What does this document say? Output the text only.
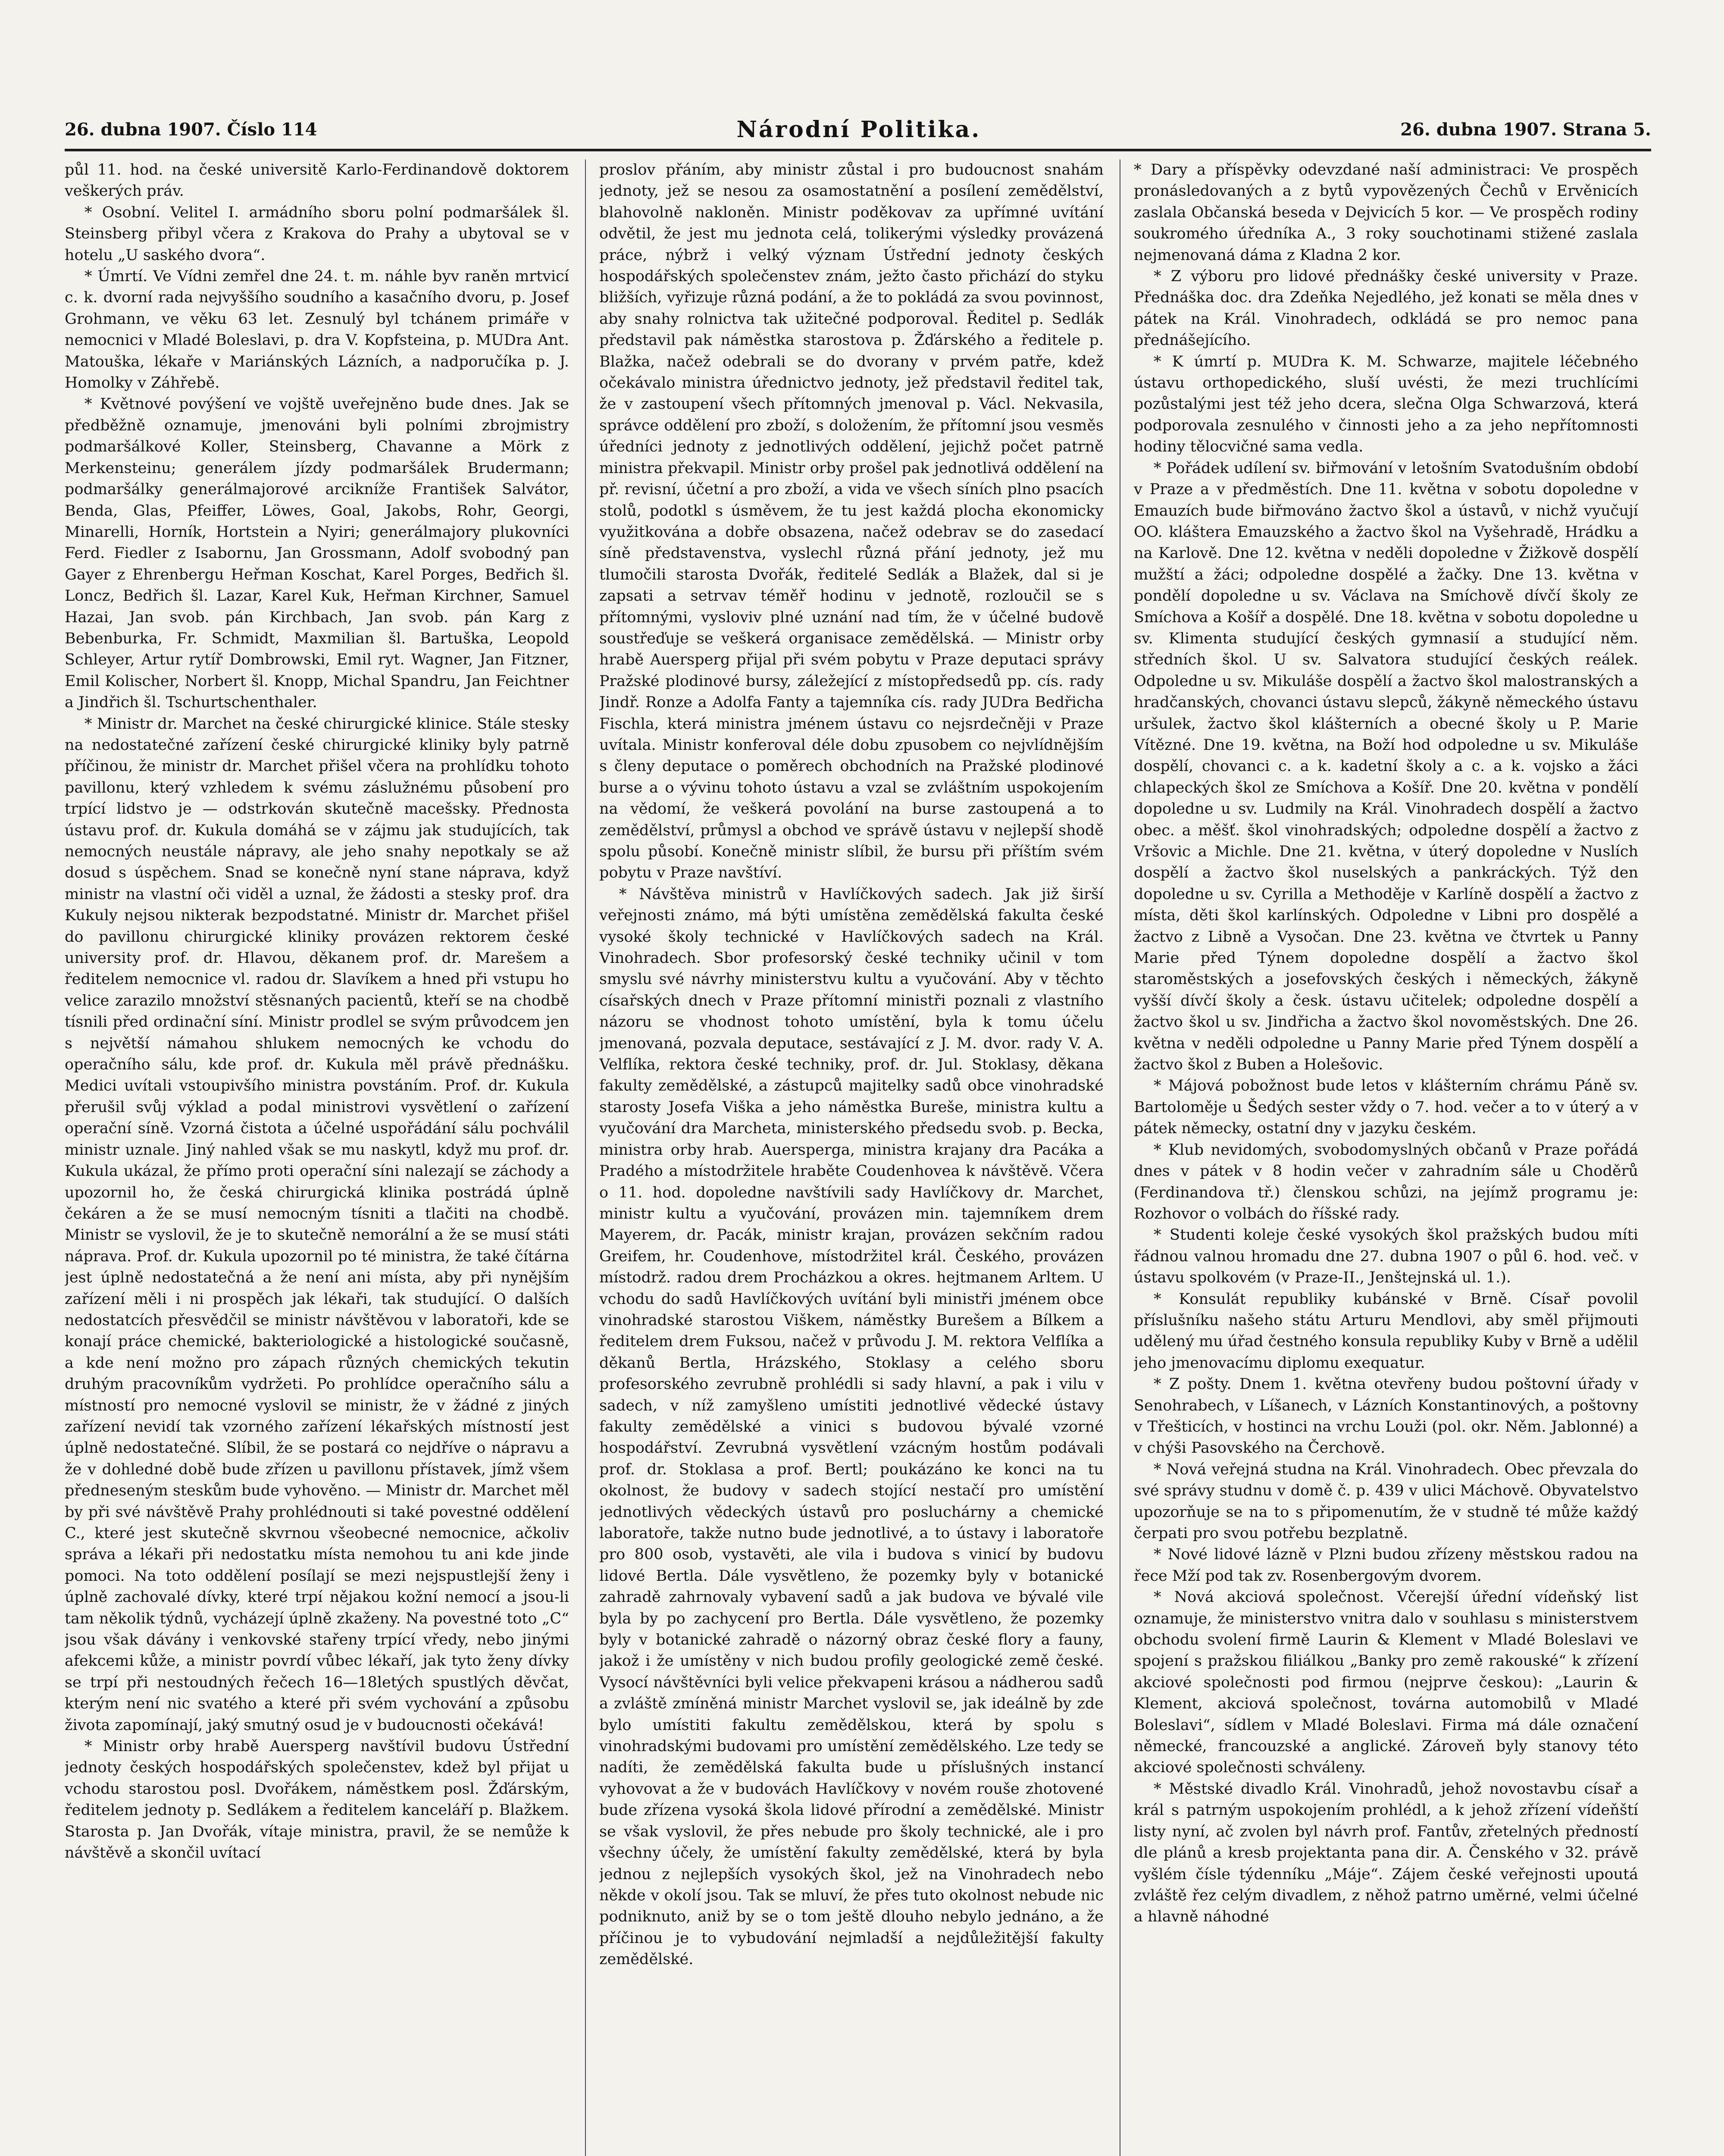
26. dubna 1907. Číslo 114	Národní Politika.	26. dubna 1907. Strana 5.

půl 11. hod. na české universitě Karlo-Ferdinandově doktorem veškerých práv.

* Osobní. Velitel I. armádního sboru polní podmaršálek šl. Steinsberg přibyl včera z Krakova do Prahy a ubytoval se v hotelu „U saského dvora“.

* Úmrtí. Ve Vídni zemřel dne 24. t. m. náhle byv raněn mrtvicí c. k. dvorní rada nejvyššího soudního a kasačního dvoru, p. Josef Grohmann, ve věku 63 let. Zesnulý byl tchánem primáře v nemocnici v Mladé Boleslavi, p. dra V. Kopfsteina, p. MUDra Ant. Matouška, lékaře v Mariánských Lázních, a nadporučíka p. J. Homolky v Záhřebě.

* Květnové povýšení ve vojště uveřejněno bude dnes. Jak se předběžně oznamuje, jmenováni byli polními zbrojmistry podmaršálkové Koller, Steinsberg, Chavanne a Mörk z Merkensteinu; generálem jízdy podmaršálek Brudermann; podmaršálky generálmajorové arcikníže František Salvátor, Benda, Glas, Pfeiffer, Löwes, Goal, Jakobs, Rohr, Georgi, Minarelli, Horník, Hortstein a Nyiri; generálmajory plukovníci Ferd. Fiedler z Isabornu, Jan Grossmann, Adolf svobodný pan Gayer z Ehrenbergu Heřman Koschat, Karel Porges, Bedřich šl. Loncz, Bedřich šl. Lazar, Karel Kuk, Heřman Kirchner, Samuel Hazai, Jan svob. pán Kirchbach, Jan svob. pán Karg z Bebenburka, Fr. Schmidt, Maxmilian šl. Bartuška, Leopold Schleyer, Artur rytíř Dombrowski, Emil ryt. Wagner, Jan Fitzner, Emil Kolischer, Norbert šl. Knopp, Michal Spandru, Jan Feichtner a Jindřich šl. Tschurtschenthaler.

* Ministr dr. Marchet na české chirurgické klinice. Stále stesky na nedostatečné zařízení české chirurgické kliniky byly patrně příčinou, že ministr dr. Marchet přišel včera na prohlídku tohoto pavillonu, který vzhledem k svému záslužnému působení pro trpící lidstvo je — odstrkován skutečně macešsky. Přednosta ústavu prof. dr. Kukula domáhá se v zájmu jak studujících, tak nemocných neustále nápravy, ale jeho snahy nepotkaly se až dosud s úspěchem. Snad se konečně nyní stane náprava, když ministr na vlastní oči viděl a uznal, že žádosti a stesky prof. dra Kukuly nejsou nikterak bezpodstatné. Ministr dr. Marchet přišel do pavillonu chirurgické kliniky provázen rektorem české university prof. dr. Hlavou, děkanem prof. dr. Marešem a ředitelem nemocnice vl. radou dr. Slavíkem a hned při vstupu ho velice zarazilo množství stěsnaných pacientů, kteří se na chodbě tísnili před ordinační síní. Ministr prodlel se svým průvodcem jen s největší námahou shlukem nemocných ke vchodu do operačního sálu, kde prof. dr. Kukula měl právě přednášku. Medici uvítali vstoupivšího ministra povstáním. Prof. dr. Kukula přerušil svůj výklad a podal ministrovi vysvětlení o zařízení operační síně. Vzorná čistota a účelné uspořádání sálu pochválil ministr uznale. Jiný nahled však se mu naskytl, když mu prof. dr. Kukula ukázal, že přímo proti operační síni nalezají se záchody a upozornil ho, že česká chirurgická klinika postrádá úplně čekáren a že se musí nemocným tísniti a tlačiti na chodbě. Ministr se vyslovil, že je to skutečně nemorální a že se musí státi náprava. Prof. dr. Kukula upozornil po té ministra, že také čítárna jest úplně nedostatečná a že není ani místa, aby při nynějším zařízení měli i ni prospěch jak lékaři, tak studující. O dalších nedostatcích přesvědčil se ministr návštěvou v laboratoři, kde se konají práce chemické, bakteriologické a histologické současně, a kde není možno pro zápach různých chemických tekutin druhým pracovníkům vydržeti. Po prohlídce operačního sálu a místností pro nemocné vyslovil se ministr, že v žádné z jiných zařízení nevidí tak vzorného zařízení lékařských místností jest úplně nedostatečné. Slíbil, že se postará co nejdříve o nápravu a že v dohledné době bude zřízen u pavillonu přístavek, jímž všem předneseným steskům bude vyhověno. — Ministr dr. Marchet měl by při své návštěvě Prahy prohlédnouti si také povestné oddělení C., které jest skutečně skvrnou všeobecné nemocnice, ačkoliv správa a lékaři při nedostatku místa nemohou tu ani kde jinde pomoci. Na toto oddělení posílají se mezi nejspustlejší ženy i úplně zachovalé dívky, které trpí nějakou kožní nemocí a jsou-li tam několik týdnů, vycházejí úplně zkaženy. Na povestné toto „C“ jsou však dávány i venkovské stařeny trpící vředy, nebo jinými afekcemi kůže, a ministr povrdí vůbec lékaří, jak tyto ženy dívky se trpí při nestoudných řečech 16—18letých spustlých děvčat, kterým není nic svatého a které při svém vychování a způsobu života zapomínají, jaký smutný osud je v budoucnosti očekává!

* Ministr orby hrabě Auersperg navštívil budovu Ústřední jednoty českých hospodářských společenstev, kdež byl přijat u vchodu starostou posl. Dvořákem, náměstkem posl. Žďárským, ředitelem jednoty p. Sedlákem a ředitelem kanceláří p. Blažkem. Starosta p. Jan Dvořák, vítaje ministra, pravil, že se nemůže k návštěvě a skončil uvítací

proslov přáním, aby ministr zůstal i pro budoucnost snahám jednoty, jež se nesou za osamostatnění a posílení zemědělství, blahovolně nakloněn. Ministr poděkovav za upřímné uvítání odvětil, že jest mu jednota celá, tolikerými výsledky provázená práce, nýbrž i velký význam Ústřední jednoty českých hospodářských společenstev znám, ježto často přichází do styku bližších, vyřizuje různá podání, a že to pokládá za svou povinnost, aby snahy rolnictva tak užitečné podporoval. Ředitel p. Sedlák představil pak náměstka starostova p. Žďárského a ředitele p. Blažka, načež odebrali se do dvorany v prvém patře, kdež očekávalo ministra úřednictvo jednoty, jež představil ředitel tak, že v zastoupení všech přítomných jmenoval p. Václ. Nekvasila, správce oddělení pro zboží, s doložením, že přítomní jsou vesměs úředníci jednoty z jednotlivých oddělení, jejichž počet patrně ministra překvapil. Ministr orby prošel pak jednotlivá oddělení na př. revisní, účetní a pro zboží, a vida ve všech síních plno psacích stolů, podotkl s úsměvem, že tu jest každá plocha ekonomicky využitkována a dobře obsazena, načež odebrav se do zasedací síně představenstva, vyslechl různá přání jednoty, jež mu tlumočili starosta Dvořák, ředitelé Sedlák a Blažek, dal si je zapsati a setrvav téměř hodinu v jednotě, rozloučil se s přítomnými, vysloviv plné uznání nad tím, že v účelné budově soustřeďuje se veškerá organisace zemědělská. — Ministr orby hrabě Auersperg přijal při svém pobytu v Praze deputaci správy Pražské plodinové bursy, záležející z místopředsedů pp. cís. rady Jindř. Ronze a Adolfa Fanty a tajemníka cís. rady JUDra Bedřicha Fischla, která ministra jménem ústavu co nejsrdečněji v Praze uvítala. Ministr konferoval déle dobu zpusobem co nejvlídnějším s členy deputace o poměrech obchodních na Pražské plodinové burse a o vývinu tohoto ústavu a vzal se zvláštním uspokojením na vědomí, že veškerá povolání na burse zastoupená a to zemědělství, průmysl a obchod ve správě ústavu v nejlepší shodě spolu působí. Konečně ministr slíbil, že bursu při příštím svém pobytu v Praze navštíví.

* Návštěva ministrů v Havlíčkových sadech. Jak již širší veřejnosti známo, má býti umístěna zemědělská fakulta české vysoké školy technické v Havlíčkových sadech na Král. Vinohradech. Sbor profesorský české techniky učinil v tom smyslu své návrhy ministerstvu kultu a vyučování. Aby v těchto císařských dnech v Praze přítomní ministři poznali z vlastního názoru se vhodnost tohoto umístění, byla k tomu účelu jmenovaná, pozvala deputace, sestávající z J. M. dvor. rady V. A. Velflíka, rektora české techniky, prof. dr. Jul. Stoklasy, děkana fakulty zemědělské, a zástupců majitelky sadů obce vinohradské starosty Josefa Viška a jeho náměstka Bureše, ministra kultu a vyučování dra Marcheta, ministerského předsedu svob. p. Becka, ministra orby hrab. Auersperga, ministra krajany dra Pacáka a Pradého a místodržitele hraběte Coudenhovea k návštěvě. Včera o 11. hod. dopoledne navštívili sady Havlíčkovy dr. Marchet, ministr kultu a vyučování, provázen min. tajemníkem drem Mayerem, dr. Pacák, ministr krajan, provázen sekčním radou Greifem, hr. Coudenhove, místodržitel král. Českého, provázen místodrž. radou drem Procházkou a okres. hejtmanem Arltem. U vchodu do sadů Havlíčkových uvítání byli ministři jménem obce vinohradské starostou Viškem, náměstky Burešem a Bílkem a ředitelem drem Fuksou, načež v průvodu J. M. rektora Velflíka a děkanů Bertla, Hrázského, Stoklasy a celého sboru profesorského zevrubně prohlédli si sady hlavní, a pak i vilu v sadech, v níž zamyšleno umístiti jednotlivé vědecké ústavy fakulty zemědělské a vinici s budovou bývalé vzorné hospodářství. Zevrubná vysvětlení vzácným hostům podávali prof. dr. Stoklasa a prof. Bertl; poukázáno ke konci na tu okolnost, že budovy v sadech stojící nestačí pro umístění jednotlivých vědeckých ústavů pro posluchárny a chemické laboratoře, takže nutno bude jednotlivé, a to ústavy i laboratoře pro 800 osob, vystavěti, ale vila i budova s vinicí by budovu lidové Bertla. Dále vysvětleno, že pozemky byly v botanické zahradě zahrnovaly vybavení sadů a jak budova ve bývalé vile byla by po zachycení pro Bertla. Dále vysvětleno, že pozemky byly v botanické zahradě o názorný obraz české flory a fauny, jakož i že umístěny v nich budou profily geologické země české. Vysocí návštěvníci byli velice překvapeni krásou a nádherou sadů a zvláště zmíněná ministr Marchet vyslovil se, jak ideálně by zde bylo umístiti fakultu zemědělskou, která by spolu s vinohradskými budovami pro umístění zemědělského. Lze tedy se nadíti, že zemědělská fakulta bude u příslušných instancí vyhovovat a že v budovách Havlíčkovy v novém rouše zhotovené bude zřízena vysoká škola lidové přírodní a zemědělské. Ministr se však vyslovil, že přes nebude pro školy technické, ale i pro všechny účely, že umístění fakulty zemědělské, která by byla jednou z nejlepších vysokých škol, jež na Vinohradech nebo někde v okolí jsou. Tak se mluví, že přes tuto okolnost nebude nic podniknuto, aniž by se o tom ještě dlouho nebylo jednáno, a že příčinou je to vybudování nejmladší a nejdůležitější fakulty zemědělské.

* Dary a příspěvky odevzdané naší administraci: Ve prospěch pronásledovaných a z bytů vypovězených Čechů v Ervěnicích zaslala Občanská beseda v Dejvicích 5 kor. — Ve prospěch rodiny soukromého úředníka A., 3 roky souchotinami stižené zaslala nejmenovaná dáma z Kladna 2 kor.

* Z výboru pro lidové přednášky české university v Praze. Přednáška doc. dra Zdeňka Nejedlého, jež konati se měla dnes v pátek na Král. Vinohradech, odkládá se pro nemoc pana přednášejícího.

* K úmrtí p. MUDra K. M. Schwarze, majitele léčebného ústavu orthopedického, sluší uvésti, že mezi truchlícími pozůstalými jest též jeho dcera, slečna Olga Schwarzová, která podporovala zesnulého v činnosti jeho a za jeho nepřítomnosti hodiny tělocvičné sama vedla.

* Pořádek udílení sv. biřmování v letošním Svatodušním období v Praze a v předměstích. Dne 11. května v sobotu dopoledne v Emauzích bude biřmováno žactvo škol a ústavů, v nichž vyučují OO. kláštera Emauzského a žactvo škol na Vyšehradě, Hrádku a na Karlově. Dne 12. května v neděli dopoledne v Žižkově dospělí mužští a žáci; odpoledne dospělé a žačky. Dne 13. května v pondělí dopoledne u sv. Václava na Smíchově dívčí školy ze Smíchova a Košíř a dospělé. Dne 18. května v sobotu dopoledne u sv. Klimenta studující českých gymnasií a studující něm. středních škol. U sv. Salvatora studující českých reálek. Odpoledne u sv. Mikuláše dospělí a žactvo škol malostranských a hradčanských, chovanci ústavu slepců, žákyně německého ústavu uršulek, žactvo škol klášterních a obecné školy u P. Marie Vítězné. Dne 19. května, na Boží hod odpoledne u sv. Mikuláše dospělí, chovanci c. a k. kadetní školy a c. a k. vojsko a žáci chlapeckých škol ze Smíchova a Košíř. Dne 20. května v pondělí dopoledne u sv. Ludmily na Král. Vinohradech dospělí a žactvo obec. a měšť. škol vinohradských; odpoledne dospělí a žactvo z Vršovic a Michle. Dne 21. května, v úterý dopoledne v Nuslích dospělí a žactvo škol nuselských a pankráckých. Týž den dopoledne u sv. Cyrilla a Methoděje v Karlíně dospělí a žactvo z místa, děti škol karlínských. Odpoledne v Libni pro dospělé a žactvo z Libně a Vysočan. Dne 23. května ve čtvrtek u Panny Marie před Týnem dopoledne dospělí a žactvo škol staroměstských a josefovských českých i německých, žákyně vyšší dívčí školy a česk. ústavu učitelek; odpoledne dospělí a žactvo škol u sv. Jindřicha a žactvo škol novoměstských. Dne 26. května v neděli odpoledne u Panny Marie před Týnem dospělí a žactvo škol z Buben a Holešovic.

* Májová pobožnost bude letos v klášterním chrámu Páně sv. Bartoloměje u Šedých sester vždy o 7. hod. večer a to v úterý a v pátek německy, ostatní dny v jazyku českém.

* Klub nevidomých, svobodomyslných občanů v Praze pořádá dnes v pátek v 8 hodin večer v zahradním sále u Choděrů (Ferdinandova tř.) členskou schůzi, na jejímž programu je: Rozhovor o volbách do říšské rady.

* Studenti koleje české vysokých škol pražských budou míti řádnou valnou hromadu dne 27. dubna 1907 o půl 6. hod. več. v ústavu spolkovém (v Praze-II., Jenštejnská ul. 1.).

* Konsulát republiky kubánské v Brně. Císař povolil příslušníku našeho státu Arturu Mendlovi, aby směl přijmouti udělený mu úřad čestného konsula republiky Kuby v Brně a udělil jeho jmenovacímu diplomu exequatur.

* Z pošty. Dnem 1. května otevřeny budou poštovní úřady v Senohrabech, v Líšanech, v Lázních Konstantinových, a poštovny v Třešticích, v hostinci na vrchu Louži (pol. okr. Něm. Jablonné) a v chýši Pasovského na Čerchově.

* Nová veřejná studna na Král. Vinohradech. Obec převzala do své správy studnu v domě č. p. 439 v ulici Máchově. Obyvatelstvo upozorňuje se na to s připomenutím, že v studně té může každý čerpati pro svou potřebu bezplatně.

* Nové lidové lázně v Plzni budou zřízeny městskou radou na řece Mží pod tak zv. Rosenbergovým dvorem.

* Nová akciová společnost. Včerejší úřední vídeňský list oznamuje, že ministerstvo vnitra dalo v souhlasu s ministerstvem obchodu svolení firmě Laurin & Klement v Mladé Boleslavi ve spojení s pražskou filiálkou „Banky pro země rakouské“ k zřízení akciové společnosti pod firmou (nejprve českou): „Laurin & Klement, akciová společnost, továrna automobilů v Mladé Boleslavi“, sídlem v Mladé Boleslavi. Firma má dále označení německé, francouzské a anglické. Zároveň byly stanovy této akciové společnosti schváleny.

* Městské divadlo Král. Vinohradů, jehož novostavbu císař a král s patrným uspokojením prohlédl, a k jehož zřízení vídeňští listy nyní, ač zvolen byl návrh prof. Fantův, zřetelných předností dle plánů a kresb projektanta pana dir. A. Čenského v 32. právě vyšlém čísle týdenníku „Máje“. Zájem české veřejnosti upoutá zvláště řez celým divadlem, z něhož patrno uměrné, velmi účelné a hlavně náhodné
